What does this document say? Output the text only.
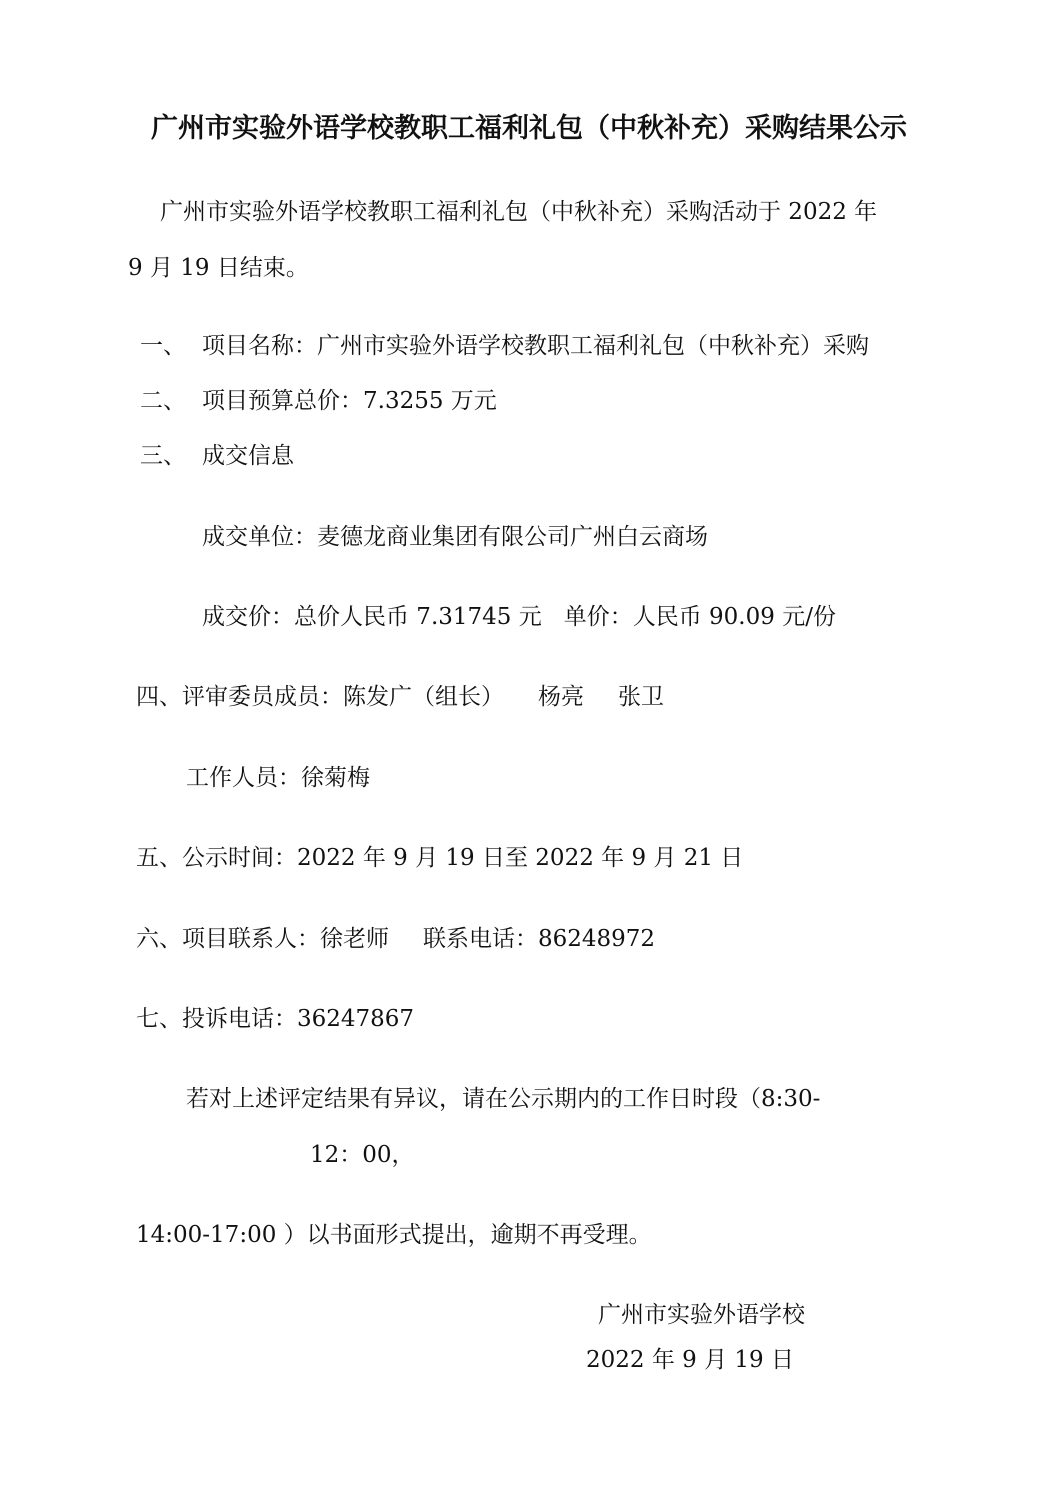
广州市实验外语学校教职工福利礼包（中秋补充）采购结果公示
广州市实验外语学校教职工福利礼包（中秋补充）采购活动于 2022 年
9 月 19 日结束。
一、 项目名称：广州市实验外语学校教职工福利礼包（中秋补充）采购
二、 项目预算总价：7.3255 万元
三、 成交信息
成交单位：麦德龙商业集团有限公司广州白云商场
成交价：总价人民币 7.31745 元 单价：人民币 90.09 元/份
四、评审委员成员：陈发广（组长） 杨亮 张卫
工作人员：徐菊梅
五、公示时间：2022 年 9 月 19 日至 2022 年 9 月 21 日
六、项目联系人：徐老师 联系电话：86248972
七、投诉电话：36247867
若对上述评定结果有异议，请在公示期内的工作日时段（8:30-
12：00，
14:00-17:00 ）以书面形式提出，逾期不再受理。
广州市实验外语学校
2022 年 9 月 19 日
